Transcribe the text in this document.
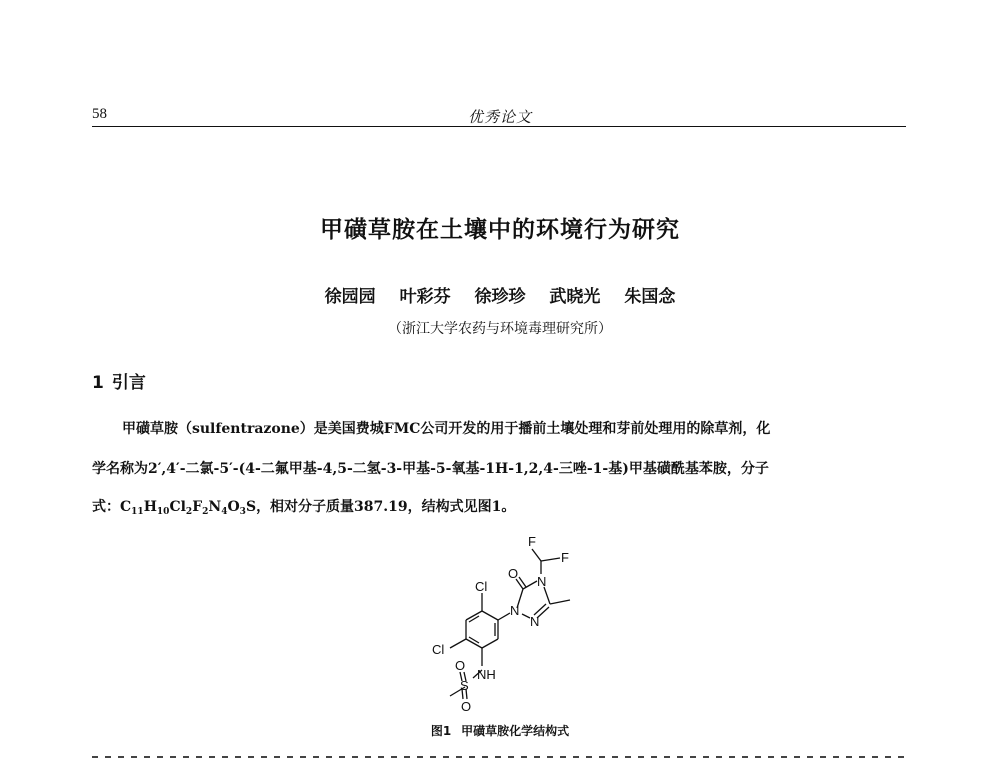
58	优秀论文
甲磺草胺在土壤中的环境行为研究
徐园园 叶彩芬 徐珍珍 武晓光 朱国念
（浙江大学农药与环境毒理研究所）
1 引言
甲磺草胺（sulfentrazone）是美国费城FMC公司开发的用于播前土壤处理和芽前处理用的除草剂，化
学名称为2′,4′-二氯-5′-(4-二氟甲基-4,5-二氢-3-甲基-5-氧基-1H-1,2,4-三唑-1-基)甲基磺酰基苯胺，分子
式：$C_{11}H_{10}Cl_2F_2N_4O_3S$，相对分子质量387.19，结构式见图1。
F
F
O
N
N
N
Cl
Cl
NH
S
O
O
图1 甲磺草胺化学结构式
